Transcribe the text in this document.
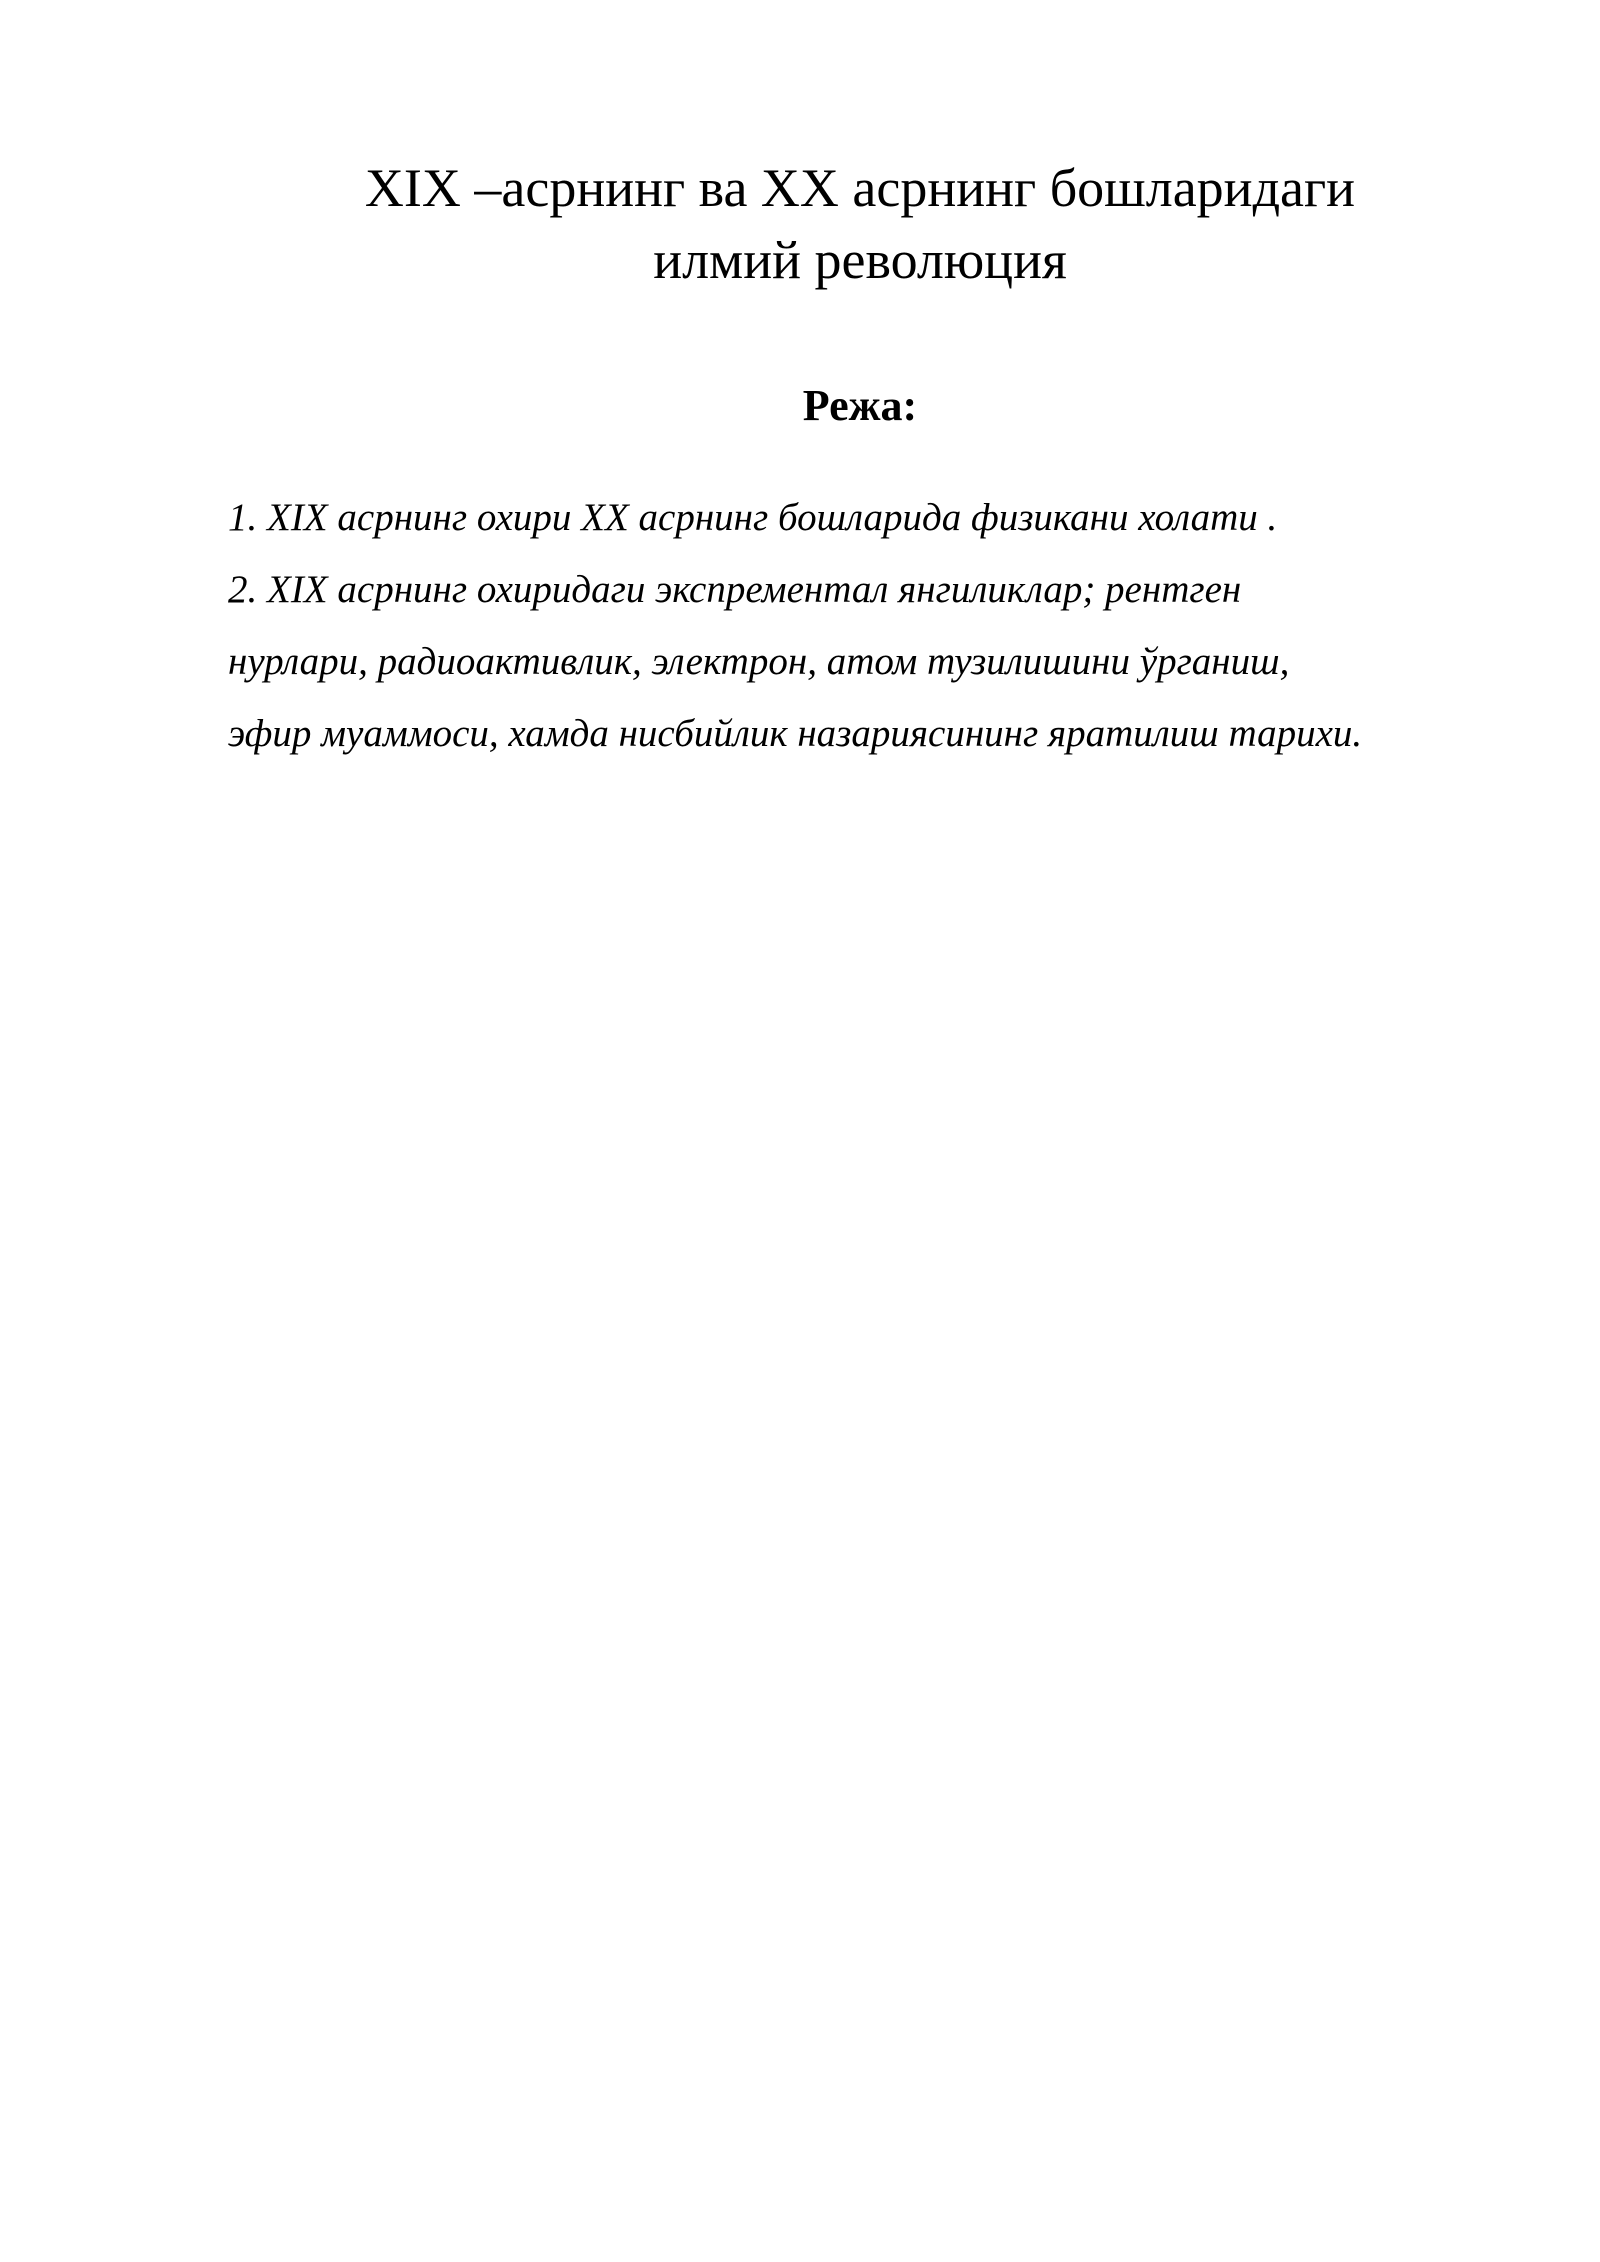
XIX –асрнинг ва XX асрнинг бошларидаги
илмий революция
Режа:
1. XIX асрнинг охири XX асрнинг бошларида физикани холати .
2. XIX асрнинг охиридаги экспрементал янгиликлар; рентген
нурлари, радиоактивлик, электрон, атом тузилишини ўрганиш,
эфир муаммоси, хамда нисбийлик назариясининг яратилиш тарихи.
